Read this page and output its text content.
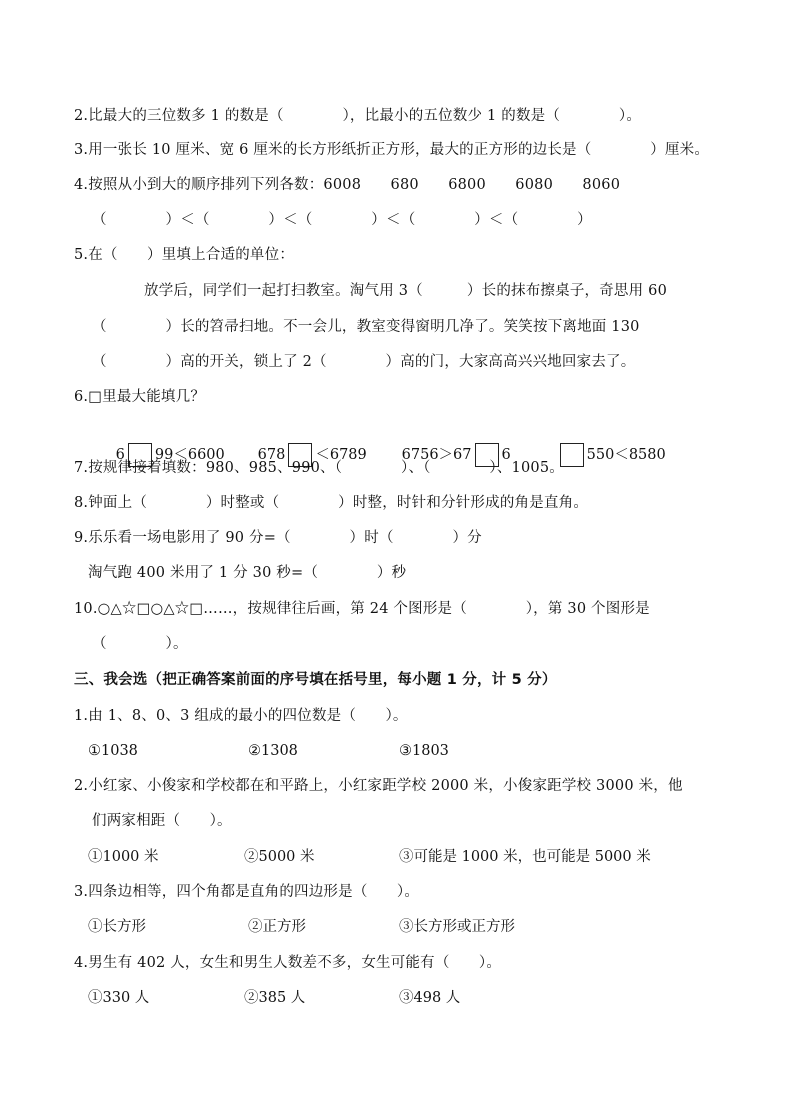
2.比最大的三位数多 1 的数是（　　　　），比最小的五位数少 1 的数是（　　　　）。
3.用一张长 10 厘米、宽 6 厘米的长方形纸折正方形，最大的正方形的边长是（　　　　）厘米。
4.按照从小到大的顺序排列下列各数：6008　　680　　6800　　6080　　8060
（　　　　）＜（　　　　）＜（　　　　）＜（　　　　）＜（　　　　）
5.在（　　）里填上合适的单位：
放学后，同学们一起打扫教室。淘气用 3（　　　）长的抹布擦桌子，奇思用 60
（　　　　）长的笤帚扫地。不一会儿，教室变得窗明几净了。笑笑按下离地面 130
（　　　　）高的开关，锁上了 2（　　　　）高的门，大家高高兴兴地回家去了。
6.□里最大能填几？

6 99＜6600
	678 ＜6789
	6756＞67 6
	550＜8580

7.按规律接着填数：980、985、990、（　　　　）、（　　　　）、1005。
8.钟面上（　　　　）时整或（　　　　）时整，时针和分针形成的角是直角。
9.乐乐看一场电影用了 90 分=（　　　　）时（　　　　）分
淘气跑 400 米用了 1 分 30 秒=（　　　　）秒
10.○△☆□○△☆□……，按规律往后画，第 24 个图形是（　　　　），第 30 个图形是
（　　　　）。
三、我会选（把正确答案前面的序号填在括号里，每小题 1 分，计 5 分）
1.由 1、8、0、3 组成的最小的四位数是（　　）。
①1038	②1308	③1803
2.小红家、小俊家和学校都在和平路上，小红家距学校 2000 米，小俊家距学校 3000 米，他
们两家相距（　　）。
①1000 米	②5000 米	③可能是 1000 米，也可能是 5000 米
3.四条边相等，四个角都是直角的四边形是（　　）。
①长方形	②正方形	③长方形或正方形
4.男生有 402 人，女生和男生人数差不多，女生可能有（　　）。
①330 人	②385 人	③498 人
